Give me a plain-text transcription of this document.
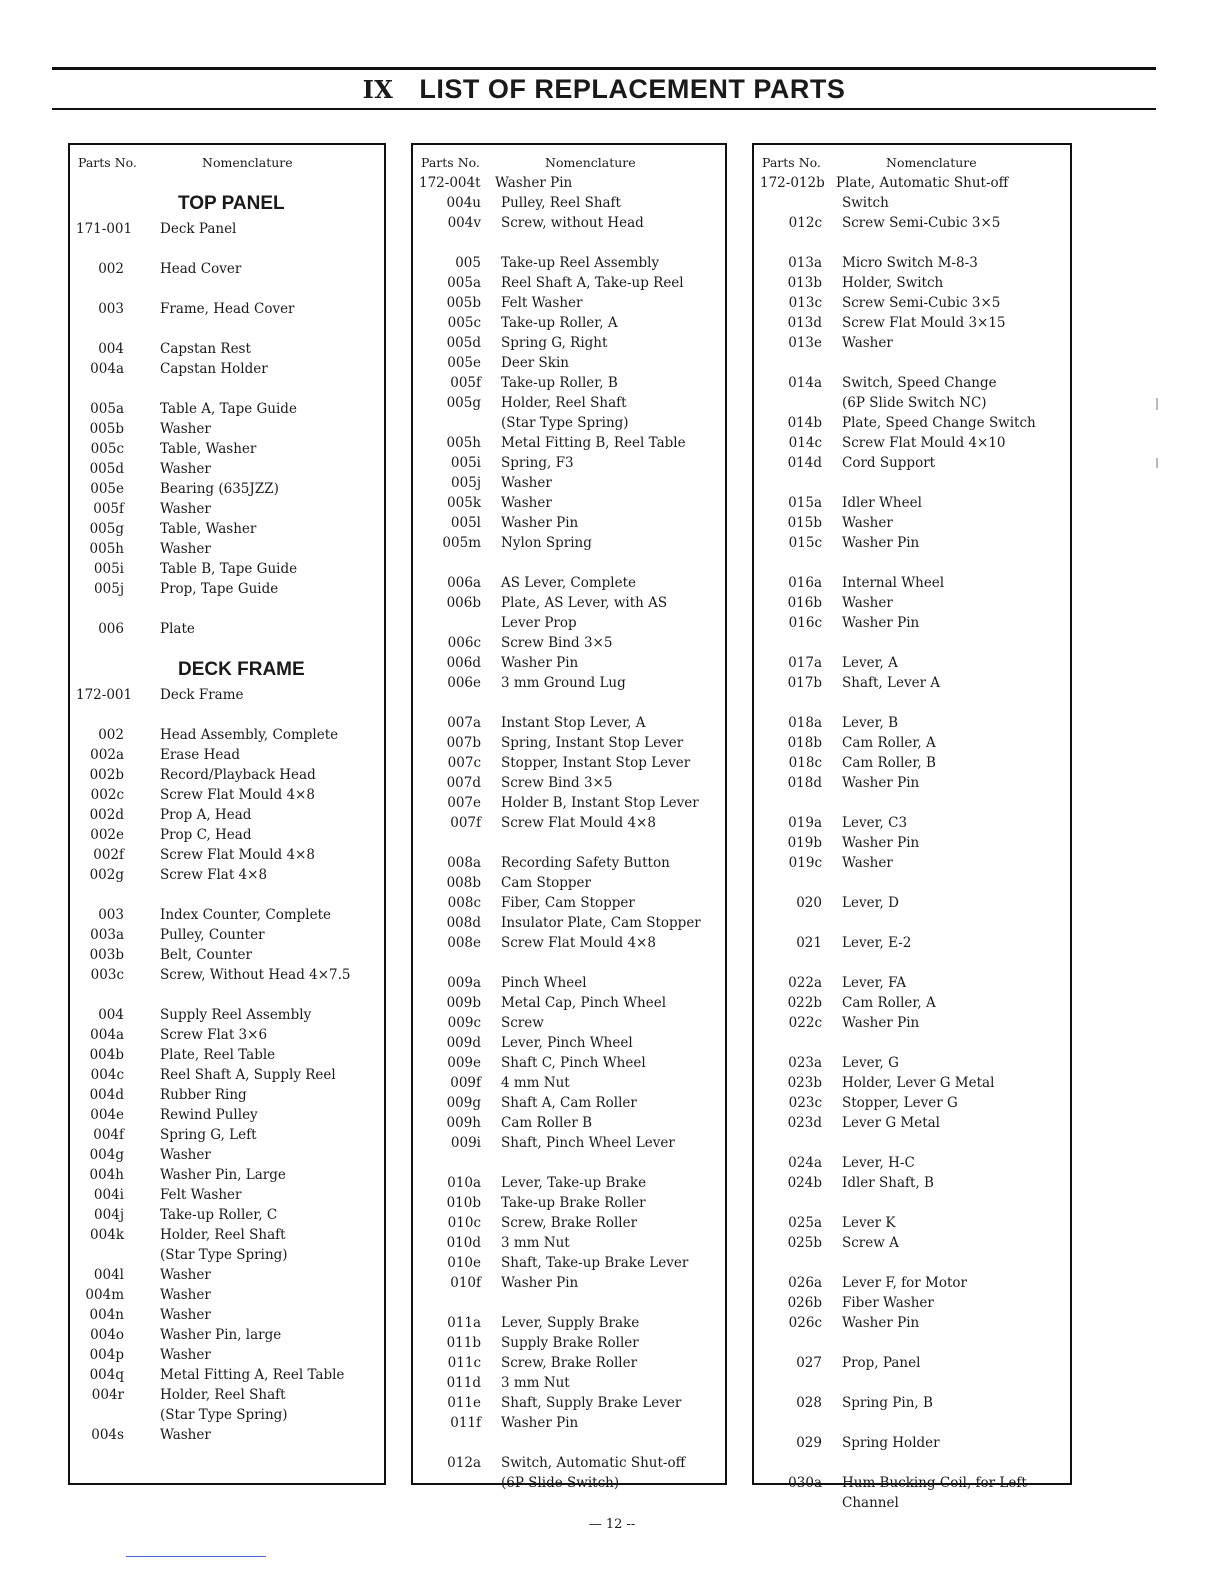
IX LIST OF REPLACEMENT PARTS
Parts No.	Nomenclature
TOP PANEL
171-001	Deck Panel
002	Head Cover
003	Frame, Head Cover
004	Capstan Rest
004a	Capstan Holder
005a	Table A, Tape Guide
005b	Washer
005c	Table, Washer
005d	Washer
005e	Bearing (635JZZ)
005f	Washer
005g	Table, Washer
005h	Washer
005i	Table B, Tape Guide
005j	Prop, Tape Guide
006	Plate
DECK FRAME
172-001	Deck Frame
002	Head Assembly, Complete
002a	Erase Head
002b	Record/Playback Head
002c	Screw Flat Mould 4×8
002d	Prop A, Head
002e	Prop C, Head
002f	Screw Flat Mould 4×8
002g	Screw Flat 4×8
003	Index Counter, Complete
003a	Pulley, Counter
003b	Belt, Counter
003c	Screw, Without Head 4×7.5
004	Supply Reel Assembly
004a	Screw Flat 3×6
004b	Plate, Reel Table
004c	Reel Shaft A, Supply Reel
004d	Rubber Ring
004e	Rewind Pulley
004f	Spring G, Left
004g	Washer
004h	Washer Pin, Large
004i	Felt Washer
004j	Take-up Roller, C
004k	Holder, Reel Shaft
(Star Type Spring)
004l	Washer
004m	Washer
004n	Washer
004o	Washer Pin, large
004p	Washer
004q	Metal Fitting A, Reel Table
004r	Holder, Reel Shaft
(Star Type Spring)
004s	Washer
Parts No.	Nomenclature
172-004t	Washer Pin
004u	Pulley, Reel Shaft
004v	Screw, without Head
005	Take-up Reel Assembly
005a	Reel Shaft A, Take-up Reel
005b	Felt Washer
005c	Take-up Roller, A
005d	Spring G, Right
005e	Deer Skin
005f	Take-up Roller, B
005g	Holder, Reel Shaft
(Star Type Spring)
005h	Metal Fitting B, Reel Table
005i	Spring, F3
005j	Washer
005k	Washer
005l	Washer Pin
005m	Nylon Spring
006a	AS Lever, Complete
006b	Plate, AS Lever, with AS
Lever Prop
006c	Screw Bind 3×5
006d	Washer Pin
006e	3 mm Ground Lug
007a	Instant Stop Lever, A
007b	Spring, Instant Stop Lever
007c	Stopper, Instant Stop Lever
007d	Screw Bind 3×5
007e	Holder B, Instant Stop Lever
007f	Screw Flat Mould 4×8
008a	Recording Safety Button
008b	Cam Stopper
008c	Fiber, Cam Stopper
008d	Insulator Plate, Cam Stopper
008e	Screw Flat Mould 4×8
009a	Pinch Wheel
009b	Metal Cap, Pinch Wheel
009c	Screw
009d	Lever, Pinch Wheel
009e	Shaft C, Pinch Wheel
009f	4 mm Nut
009g	Shaft A, Cam Roller
009h	Cam Roller B
009i	Shaft, Pinch Wheel Lever
010a	Lever, Take-up Brake
010b	Take-up Brake Roller
010c	Screw, Brake Roller
010d	3 mm Nut
010e	Shaft, Take-up Brake Lever
010f	Washer Pin
011a	Lever, Supply Brake
011b	Supply Brake Roller
011c	Screw, Brake Roller
011d	3 mm Nut
011e	Shaft, Supply Brake Lever
011f	Washer Pin
012a	Switch, Automatic Shut-off
(6P Slide Switch)
Parts No.	Nomenclature
172-012b Plate, Automatic Shut-off
Switch
012c	Screw Semi-Cubic 3×5
013a	Micro Switch M-8-3
013b	Holder, Switch
013c	Screw Semi-Cubic 3×5
013d	Screw Flat Mould 3×15
013e	Washer
014a	Switch, Speed Change
(6P Slide Switch NC)
014b	Plate, Speed Change Switch
014c	Screw Flat Mould 4×10
014d	Cord Support
015a	Idler Wheel
015b	Washer
015c	Washer Pin
016a	Internal Wheel
016b	Washer
016c	Washer Pin
017a	Lever, A
017b	Shaft, Lever A
018a	Lever, B
018b	Cam Roller, A
018c	Cam Roller, B
018d	Washer Pin
019a	Lever, C3
019b	Washer Pin
019c	Washer
020	Lever, D
021	Lever, E-2
022a	Lever, FA
022b	Cam Roller, A
022c	Washer Pin
023a	Lever, G
023b	Holder, Lever G Metal
023c	Stopper, Lever G
023d	Lever G Metal
024a	Lever, H-C
024b	Idler Shaft, B
025a	Lever K
025b	Screw A
026a	Lever F, for Motor
026b	Fiber Washer
026c	Washer Pin
027	Prop, Panel
028	Spring Pin, B
029	Spring Holder
030a	Hum Bucking Coil, for Left
Channel
— 12 --
